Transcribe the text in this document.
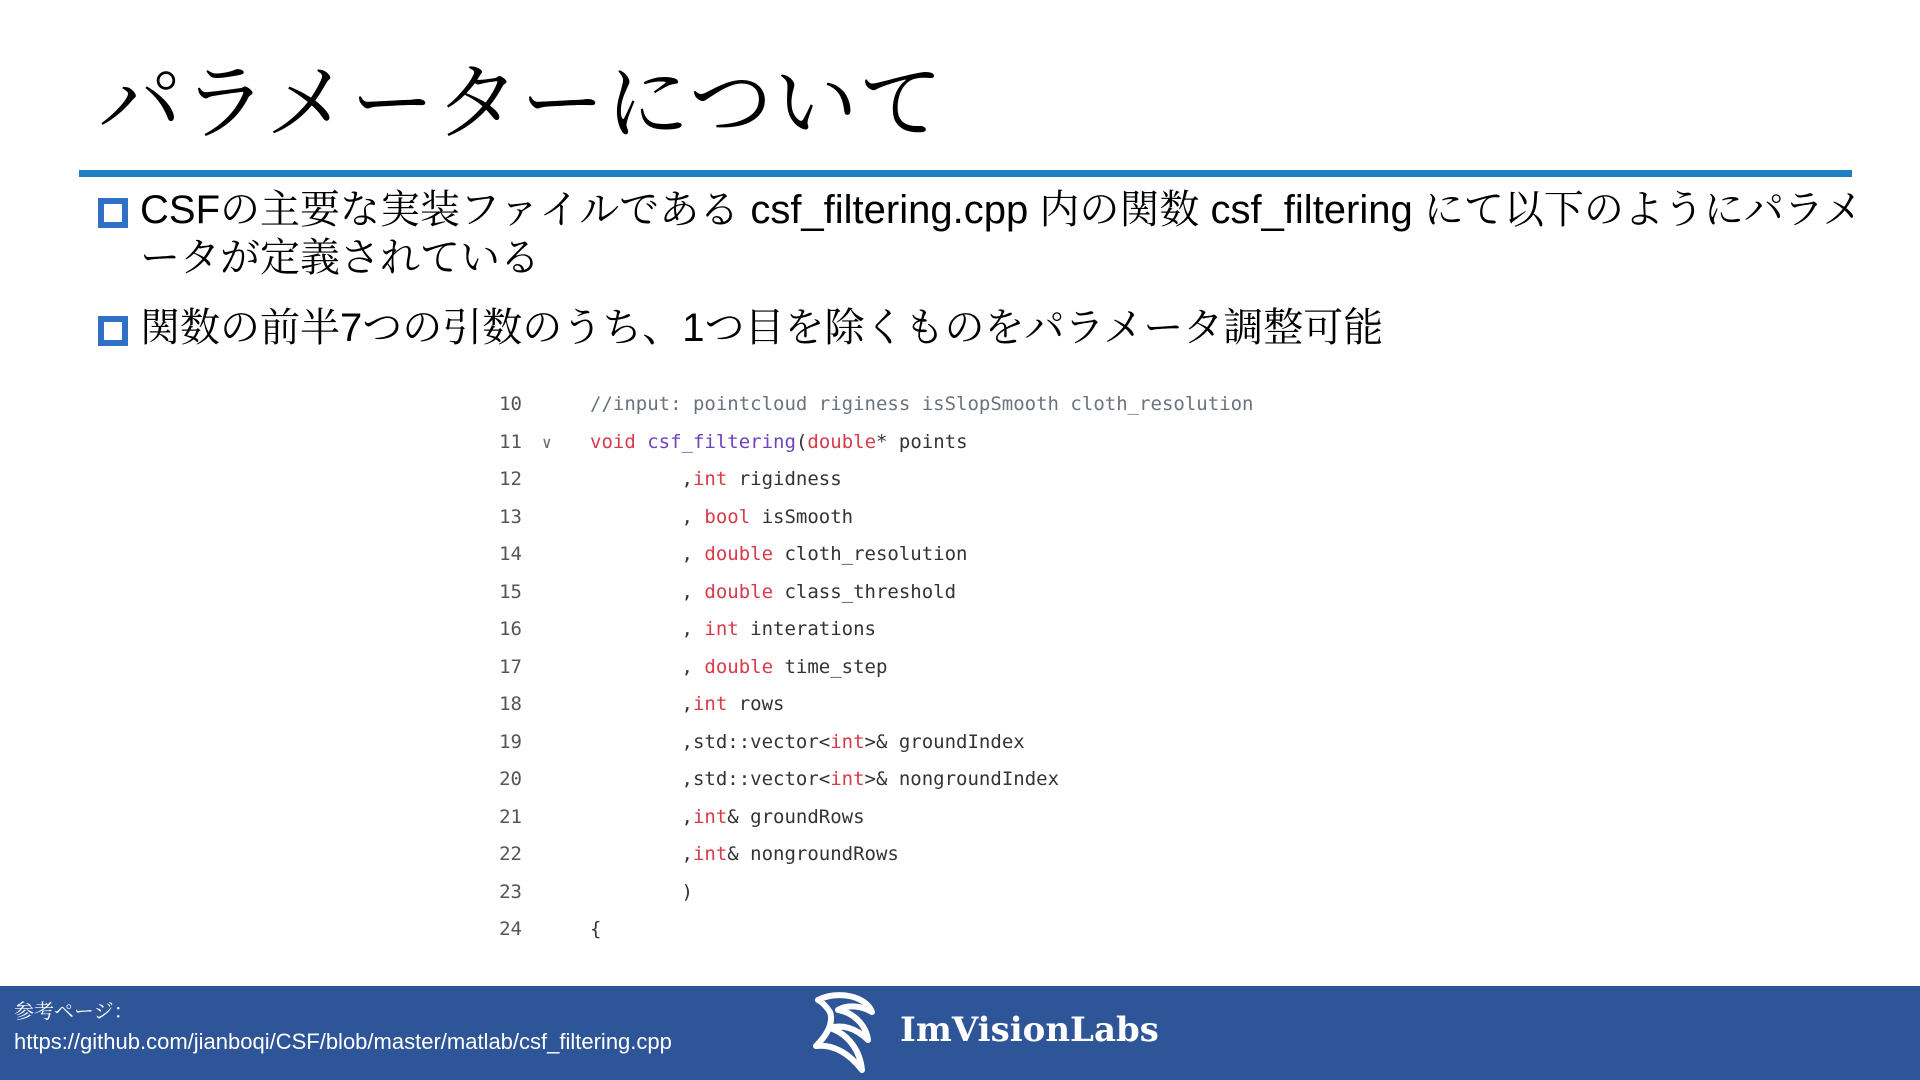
パラメーターについて
CSFの主要な実装ファイルである csf_filtering.cpp 内の関数 csf_filtering にて以下のようにパラメータが定義されている
関数の前半7つの引数のうち、1つ目を除くものをパラメータ調整可能
10	//input: pointcloud riginess isSlopSmooth cloth_resolution
11 ∨ void csf_filtering(double* points
12	,int rigidness
13	, bool isSmooth
14	, double cloth_resolution
15	, double class_threshold
16	, int interations
17	, double time_step
18	,int rows
19	,std::vector<int>& groundIndex
20	,std::vector<int>& nongroundIndex
21	,int& groundRows
22	,int& nongroundRows
23	)
24	{
参考ページ：
https://github.com/jianboqi/CSF/blob/master/matlab/csf_filtering.cpp	ImVisionLabs
